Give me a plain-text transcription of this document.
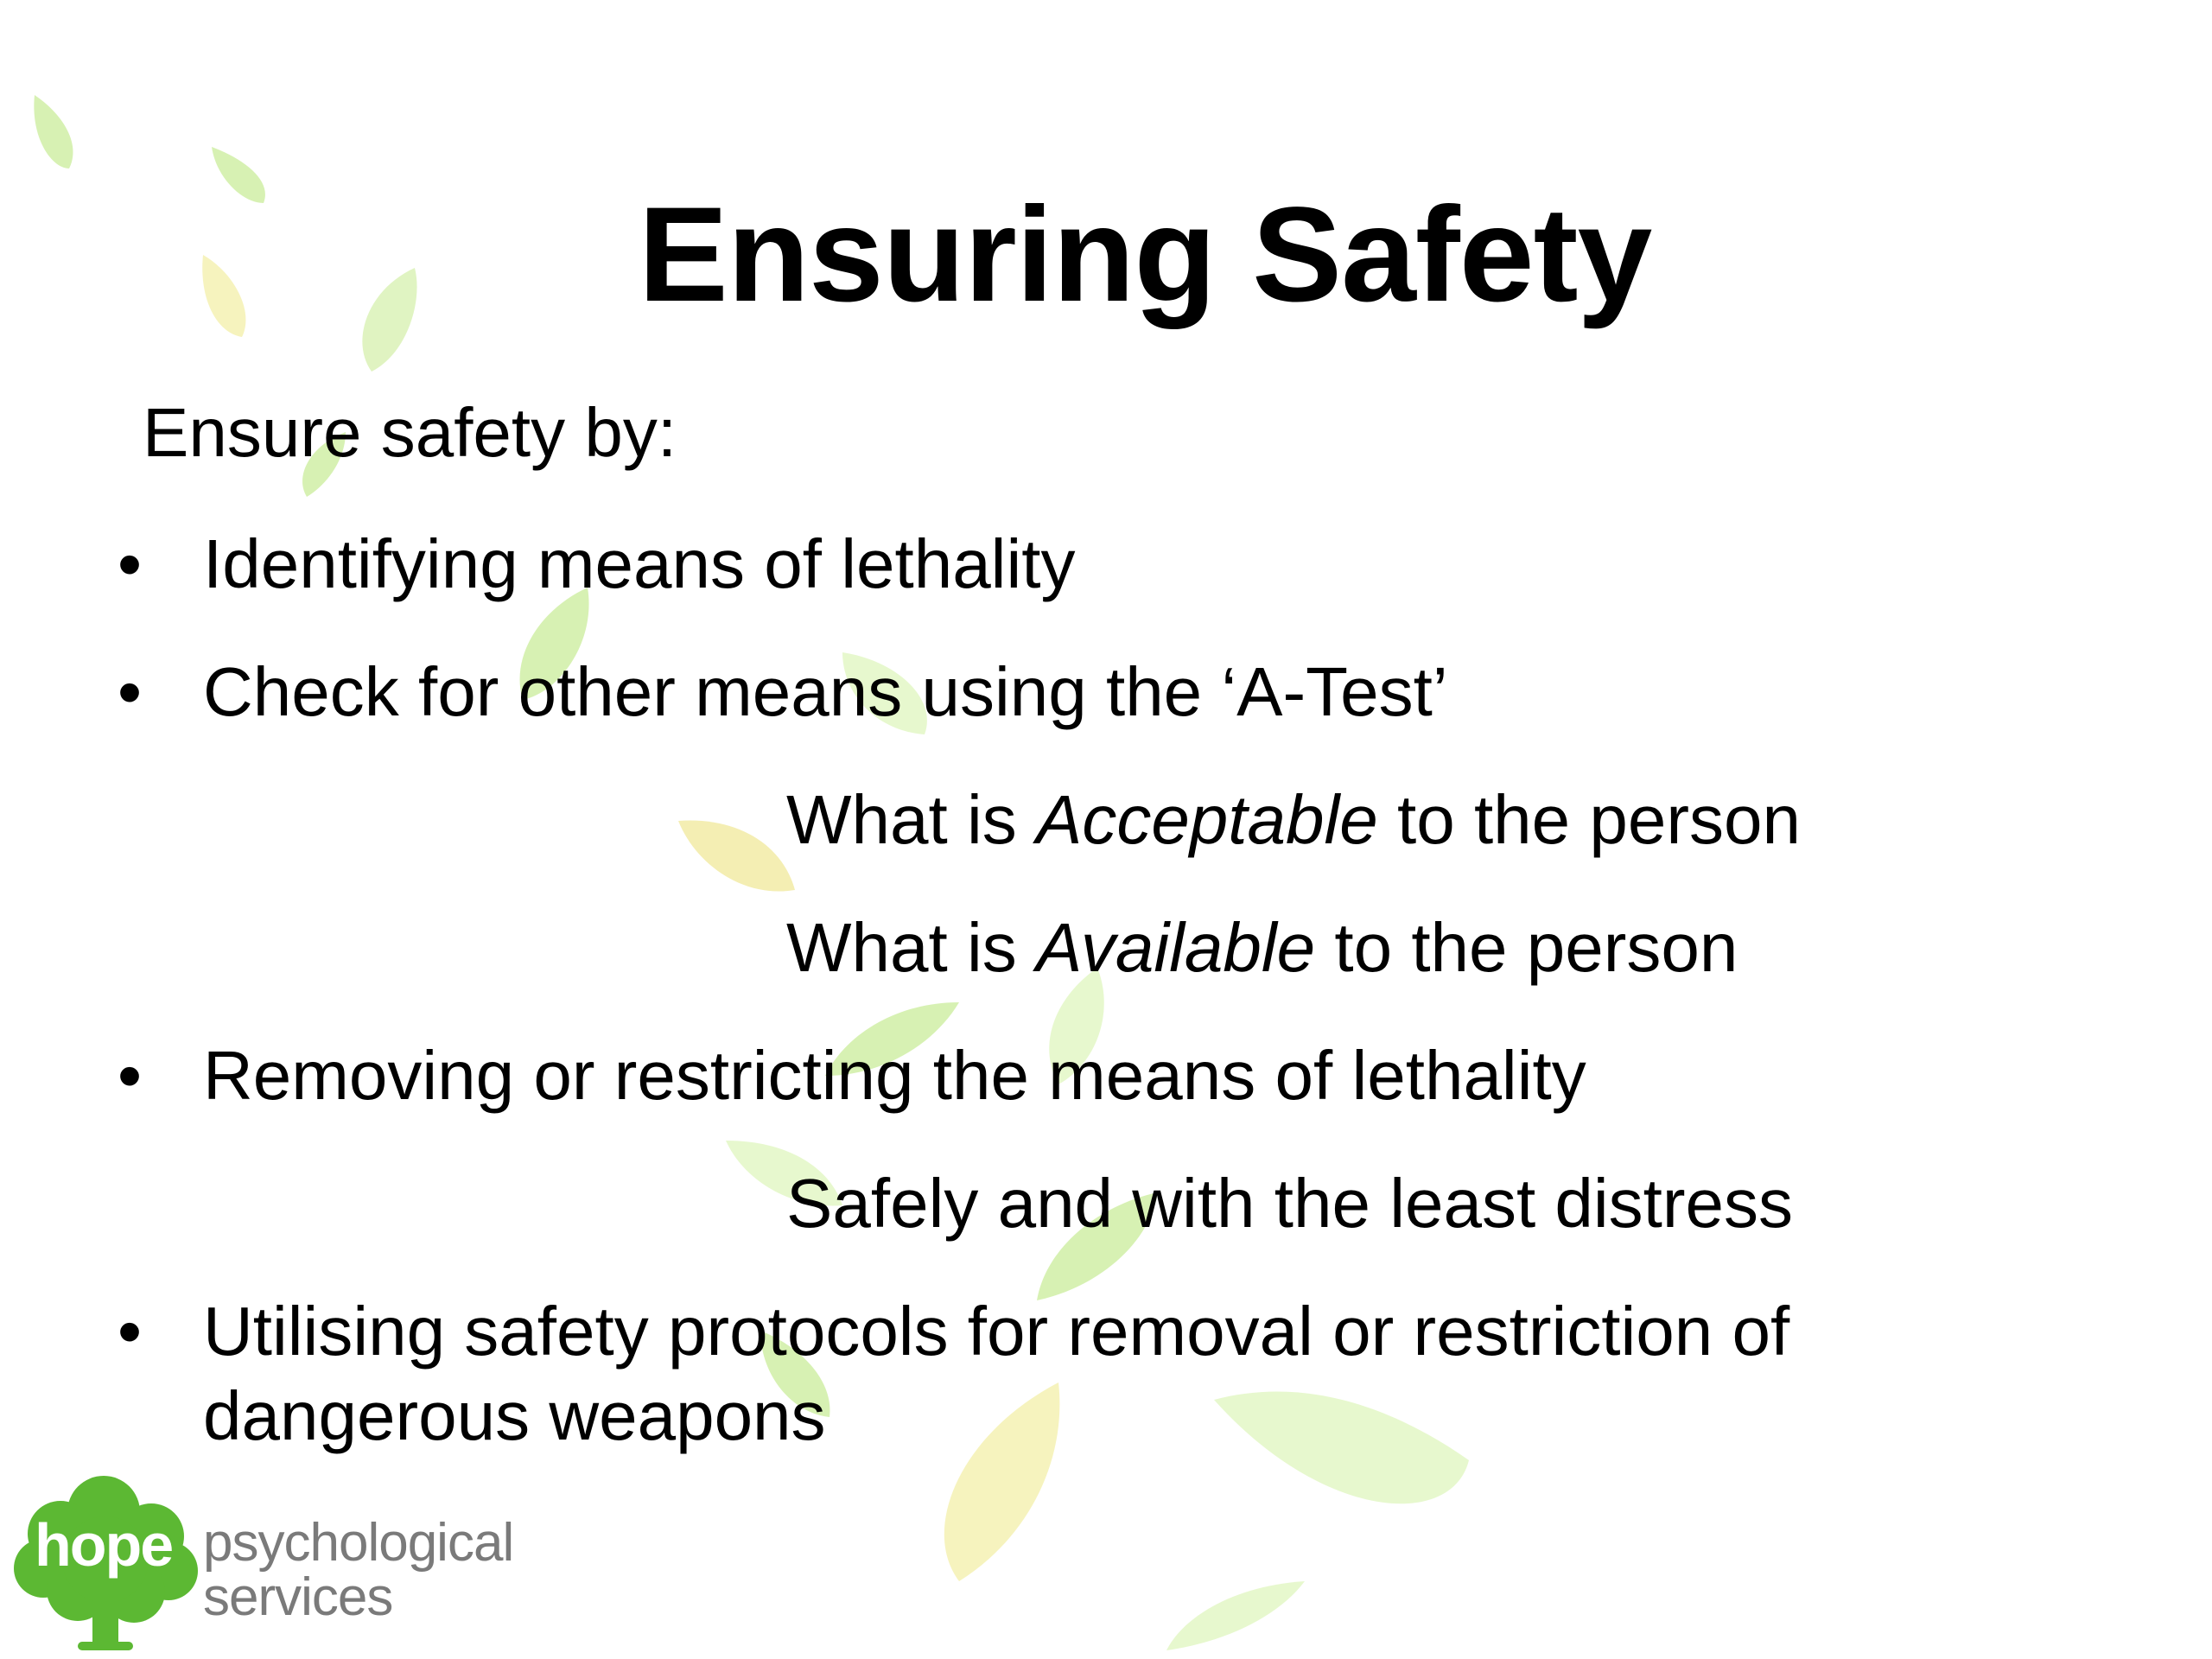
Ensuring Safety
Ensure safety by:
• Identifying means of lethality
• Check for other means using the ‘A-Test’
What is Acceptable to the person
What is Available to the person
• Removing or restricting the means of lethality
Safely and with the least distress
• Utilising safety protocols for removal or restriction of
dangerous weapons
hope psychological
services
